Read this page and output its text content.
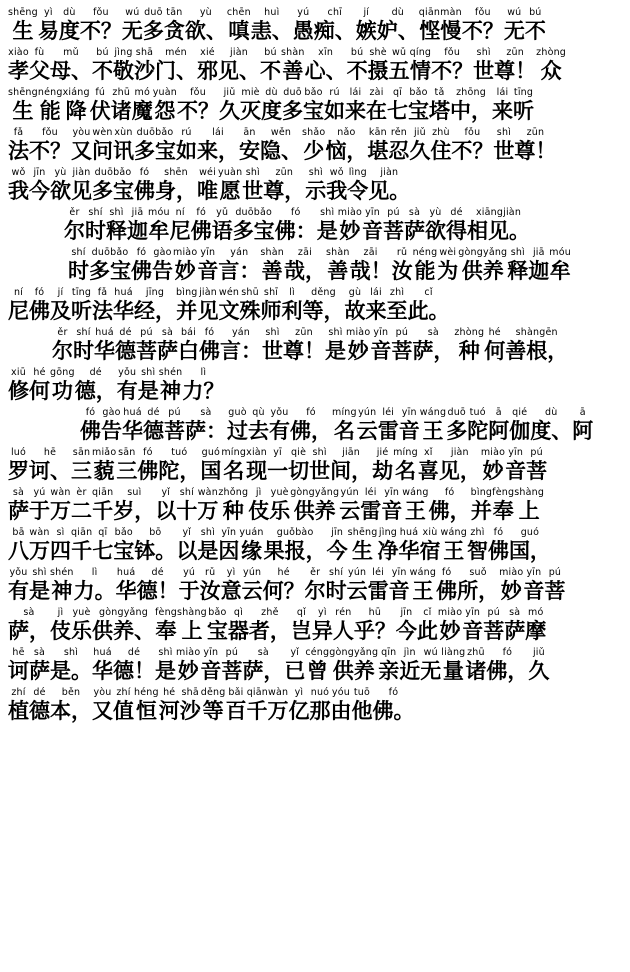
shēng
生
yì
易
dù
度
fǒu
不？
wú
无
duō
多
tān
贪
yù
欲、
chēn
嗔
huì
恚、
yú
愚
chī
痴、
jí
嫉
dù
妒、
qiānmàn
悭慢
fǒu
不？
wú
无
bú
不
xiào
孝
fù
父
mǔ
母、
bú
不
jìng
敬
shā
沙
mén
门、
xié
邪
jiàn
见、
bú
不
shàn
善
xīn
心、
bú
不
shè
摄
wǔ
五
qíng
情
fǒu
不？
shì
世
zūn
尊！
zhòng
众
shēng
生
néng
能
xiáng
降
fú
伏
zhū
诸
mó
魔
yuàn
怨
fǒu
不？
jiǔ
久
miè
灭
dù
度
duō
多
bǎo
宝
rú
如
lái
来
zài
在
qī
七
bǎo
宝
tǎ
塔
zhōng
中，
lái
来
tīng
听
fǎ
法
fǒu
不？
yòu
又
wèn
问
xùn
讯
duōbǎo
多宝
rú
如
lái
来，
ān
安
wěn
隐、
shǎo
少
nǎo
恼，
kān
堪
rěn
忍
jiǔ
久
zhù
住
fǒu
不？
shì
世
zūn
尊！
wǒ
我
jīn
今
yù
欲
jiàn
见
duōbǎo
多宝
fó
佛
shēn
身，
wéi
唯
yuàn
愿
shì
世
zūn
尊，
shì
示
wǒ
我
lìng
令
jiàn
见。
ěr
尔
shí
时
shì
释
jiā
迦
móu
牟
ní
尼
fó
佛
yǔ
语
duōbǎo
多宝
fó
佛：
shì
是
miào
妙
yīn
音
pú
菩
sà
萨
yù
欲
dé
得
xiāngjiàn
相见。
shí
时
duōbǎo
多宝
fó
佛
gào
告
miào
妙
yīn
音
yán
言：
shàn
善
zāi
哉，
shàn
善
zāi
哉！
rǔ
汝
néng
能
wèi
为
gòngyǎng
供养
shì
释
jiā
迦
móu
牟
ní
尼
fó
佛
jí
及
tīng
听
fǎ
法
huá
华
jīng
经，
bìng
并
jiàn
见
wén
文
shū
殊
shī
师
lì
利
děng
等，
gù
故
lái
来
zhì
至
cǐ
此。
ěr
尔
shí
时
huá
华
dé
德
pú
菩
sà
萨
bái
白
fó
佛
yán
言：
shì
世
zūn
尊！
shì
是
miào
妙
yīn
音
pú
菩
sà
萨，
zhòng
种
hé
何
shàngēn
善根，
xiū
修
hé
何
gōng
功
dé
德，
yǒu
有
shì
是
shén
神
lì
力？
fó
佛
gào
告
huá
华
dé
德
pú
菩
sà
萨：
guò
过
qù
去
yǒu
有
fó
佛，
míng
名
yún
云
léi
雷
yīn
音
wáng
王
duō
多
tuó
陀
ā
阿
qié
伽
dù
度、
ā
阿
luó
罗
hē
诃、
sān
三
miǎo
藐
sān
三
fó
佛
tuó
陀，
guó
国
míng
名
xiàn
现
yī
一
qiè
切
shì
世
jiān
间，
jié
劫
míng
名
xǐ
喜
jiàn
见，
miào
妙
yīn
音
pú
菩
sà
萨
yú
于
wàn
万
èr
二
qiān
千
suì
岁，
yǐ
以
shí
十
wàn
万
zhǒng
种
jì
伎
yuè
乐
gòngyǎng
供养
yún
云
léi
雷
yīn
音
wáng
王
fó
佛，
bìng
并
fèng
奉
shàng
上
bā
八
wàn
万
sì
四
qiān
千
qī
七
bǎo
宝
bō
钵。
yǐ
以
shì
是
yīn
因
yuán
缘
guǒbào
果报，
jīn
今
shēng
生
jìng
净
huá
华
xiù
宿
wáng
王
zhì
智
fó
佛
guó
国，
yǒu
有
shì
是
shén
神
lì
力。
huá
华
dé
德！
yú
于
rǔ
汝
yì
意
yún
云
hé
何？
ěr
尔
shí
时
yún
云
léi
雷
yīn
音
wáng
王
fó
佛
suǒ
所，
miào
妙
yīn
音
pú
菩
sà
萨，
jì
伎
yuè
乐
gòngyǎng
供养、
fèng
奉
shàng
上
bǎo
宝
qì
器
zhě
者，
qǐ
岂
yì
异
rén
人
hū
乎？
jīn
今
cǐ
此
miào
妙
yīn
音
pú
菩
sà
萨
mó
摩
hē
诃
sà
萨
shì
是。
huá
华
dé
德！
shì
是
miào
妙
yīn
音
pú
菩
sà
萨，
yǐ
已
céng
曾
gòngyǎng
供养
qīn
亲
jìn
近
wú
无
liàng
量
zhū
诸
fó
佛，
jiǔ
久
zhí
植
dé
德
běn
本，
yòu
又
zhí
值
héng
恒
hé
河
shā
沙
děng
等
bǎi
百
qiānwàn
千万
yì
亿
nuó
那
yóu
由
tuō
他
fó
佛。
